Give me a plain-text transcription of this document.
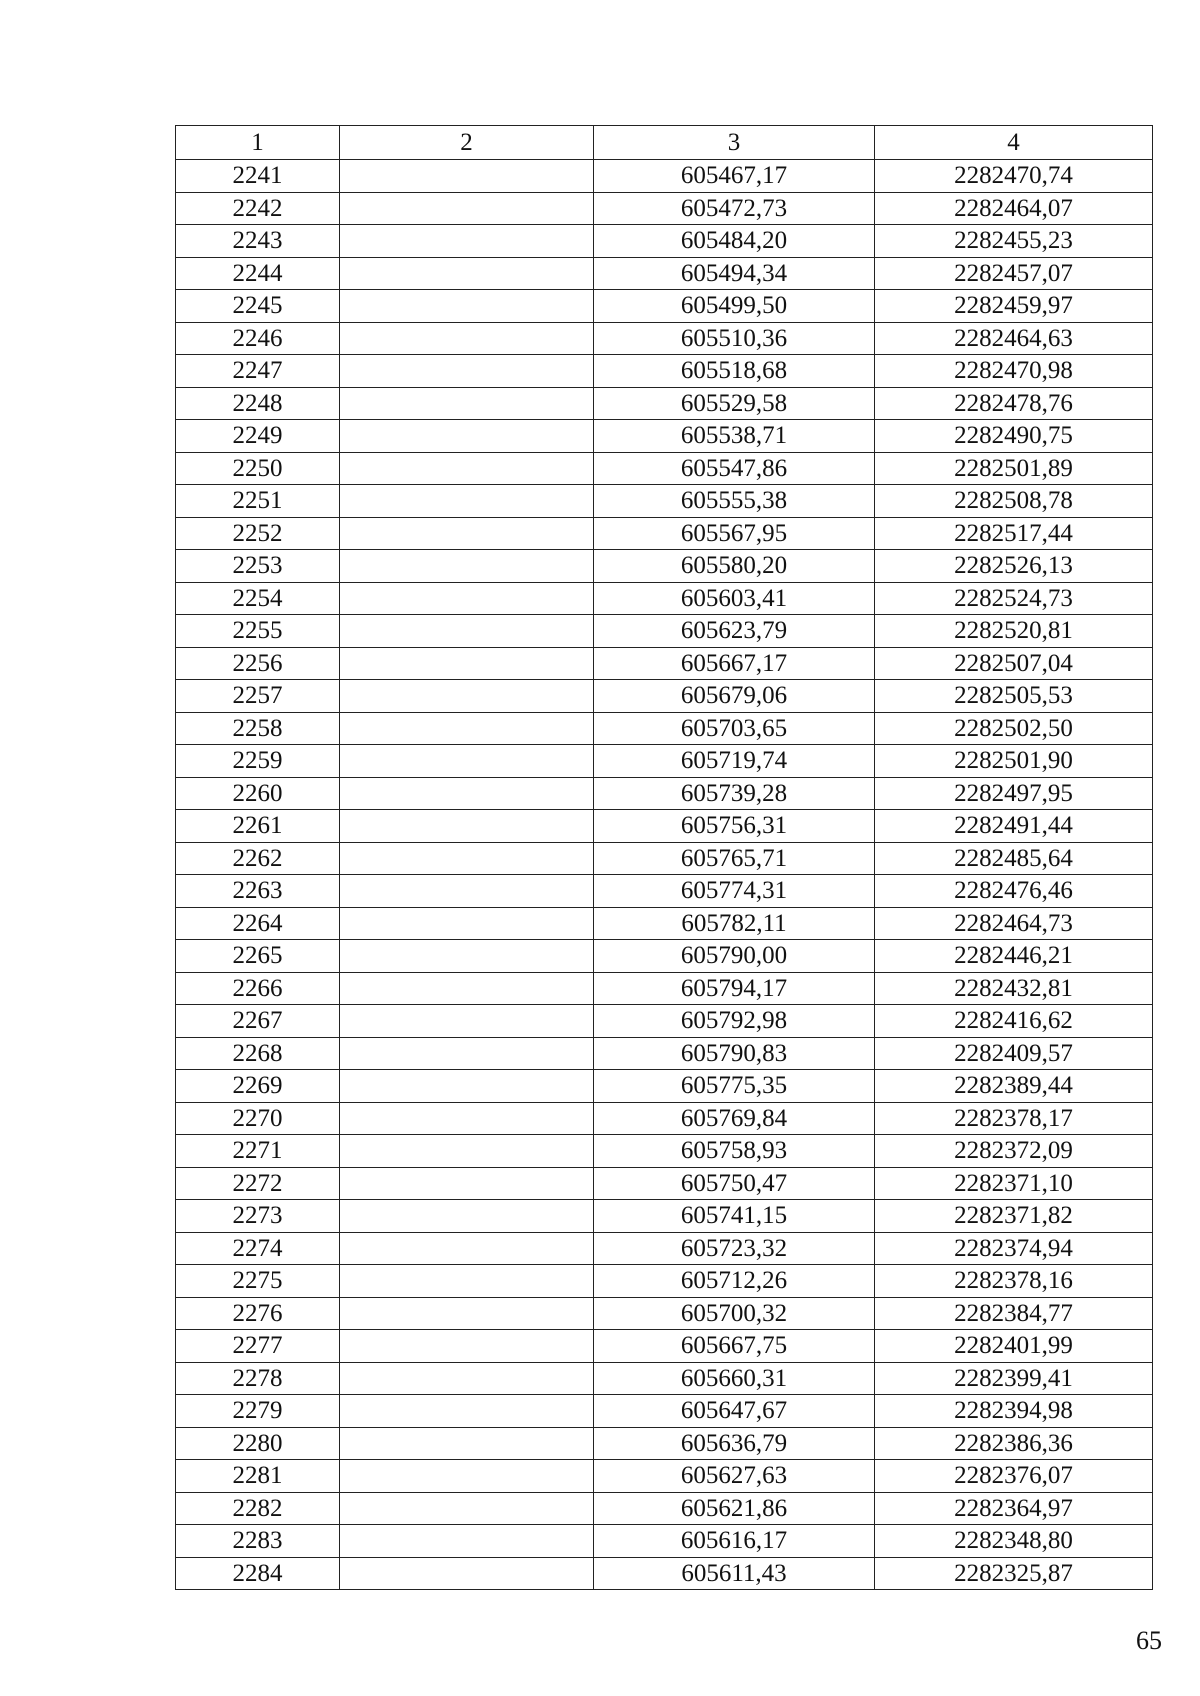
1	2	3	4
2241		605467,17	2282470,74
2242		605472,73	2282464,07
2243		605484,20	2282455,23
2244		605494,34	2282457,07
2245		605499,50	2282459,97
2246		605510,36	2282464,63
2247		605518,68	2282470,98
2248		605529,58	2282478,76
2249		605538,71	2282490,75
2250		605547,86	2282501,89
2251		605555,38	2282508,78
2252		605567,95	2282517,44
2253		605580,20	2282526,13
2254		605603,41	2282524,73
2255		605623,79	2282520,81
2256		605667,17	2282507,04
2257		605679,06	2282505,53
2258		605703,65	2282502,50
2259		605719,74	2282501,90
2260		605739,28	2282497,95
2261		605756,31	2282491,44
2262		605765,71	2282485,64
2263		605774,31	2282476,46
2264		605782,11	2282464,73
2265		605790,00	2282446,21
2266		605794,17	2282432,81
2267		605792,98	2282416,62
2268		605790,83	2282409,57
2269		605775,35	2282389,44
2270		605769,84	2282378,17
2271		605758,93	2282372,09
2272		605750,47	2282371,10
2273		605741,15	2282371,82
2274		605723,32	2282374,94
2275		605712,26	2282378,16
2276		605700,32	2282384,77
2277		605667,75	2282401,99
2278		605660,31	2282399,41
2279		605647,67	2282394,98
2280		605636,79	2282386,36
2281		605627,63	2282376,07
2282		605621,86	2282364,97
2283		605616,17	2282348,80
2284		605611,43	2282325,87
65
